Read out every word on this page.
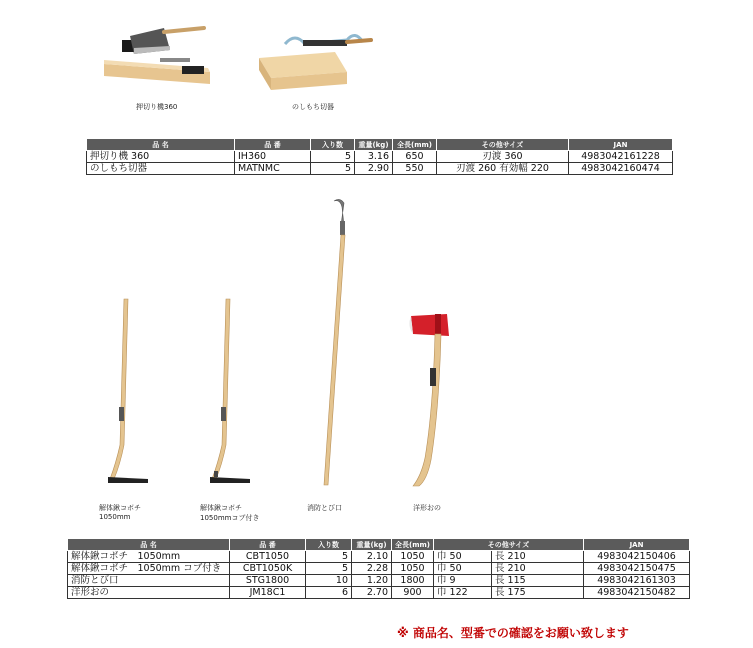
押切り機360	のしもち切器
品 名	品 番	入り数	重量(kg)	全長(mm)	その他サイズ	JAN
押切り機 360	IH360	5	3.16	650	刃渡 360	4983042161228
のしもち切器	MATNMC	5	2.90	550	刃渡 260 有効幅 220	4983042160474
解体鍬コボチ
1050mm
解体鍬コボチ
1050mmコブ付き
消防とび口	洋形おの
品 名	品 番	入り数	重量(kg)	全長(mm)	その他サイズ		JAN
解体鍬コボチ　1050mm	CBT1050	5	2.10	1050	巾 50	長 210	4983042150406
解体鍬コボチ　1050mm コブ付き	CBT1050K	5	2.28	1050	巾 50	長 210	4983042150475
消防とび口	STG1800	10	1.20	1800	巾 9	長 115	4983042161303
洋形おの	JM18C1	6	2.70	900	巾 122	長 175	4983042150482
※ 商品名、型番での確認をお願い致します
